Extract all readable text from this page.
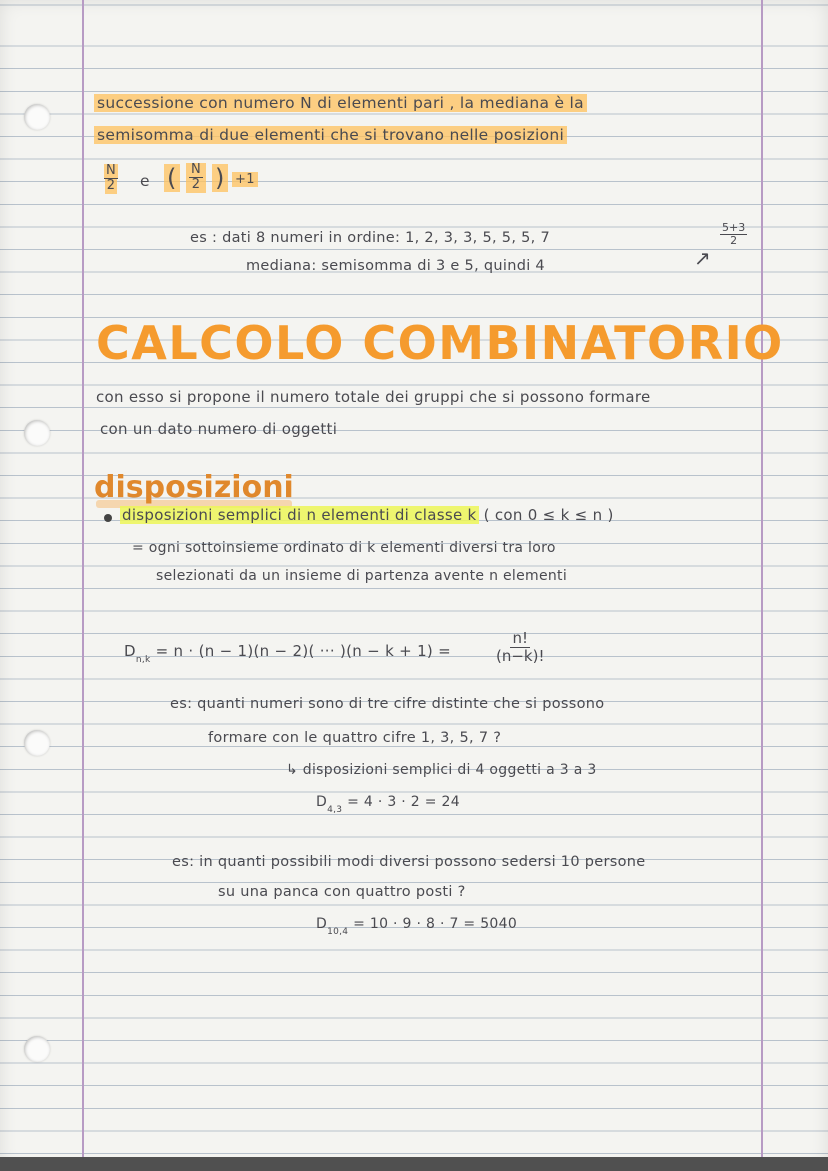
successione con numero N di elementi pari , la mediana è la
semisomma di due elementi che si trovano nelle posizioni
$\frac{N}{2}$ e ( $\frac{N}{2}$ ) +1
es : dati 8 numeri in ordine: 1, 2, 3, 3, 5, 5, 5, 7
mediana: semisomma di 3 e 5, quindi 4
$\frac{5+3}{2}$
↗
CALCOLO COMBINATORIO
con esso si propone il numero totale dei gruppi che si possono formare
con un dato numero di oggetti
disposizioni
disposizioni semplici di n elementi di classe k ( con 0 ≤ k ≤ n )
= ogni sottoinsieme ordinato di k elementi diversi tra loro
selezionati da un insieme di partenza avente n elementi
$D_{n,k} = n \cdot (n - 1)(n - 2)$( ··· )(n − k + 1) =	$\frac{n!}{(n-k)!}$
es: quanti numeri sono di tre cifre distinte che si possono
formare con le quattro cifre 1, 3, 5, 7 ?
↳ disposizioni semplici di 4 oggetti a 3 a 3
$D_{4,3} = 4 \cdot 3 \cdot 2 = 24$
es: in quanti possibili modi diversi possono sedersi 10 persone
su una panca con quattro posti ?
$D_{10,4} = 10 \cdot 9 \cdot 8 \cdot 7 = 5040$
